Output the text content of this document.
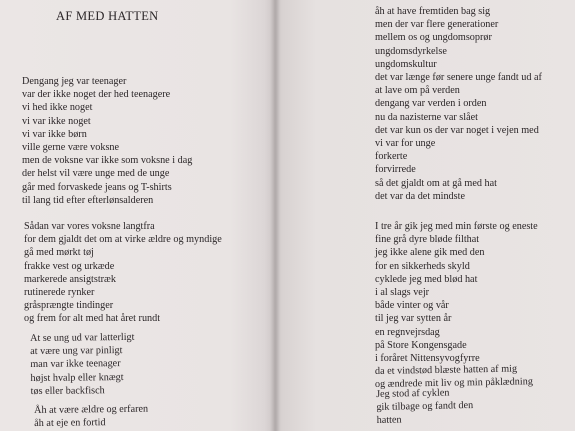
AF MED HATTEN
Dengang jeg var teenager
var der ikke noget der hed teenagere
vi hed ikke noget
vi var ikke noget
vi var ikke børn
ville gerne være voksne
men de voksne var ikke som voksne i dag
der helst vil være unge med de unge
går med forvaskede jeans og T-shirts
til lang tid efter efterlønsalderen
Sådan var vores voksne langtfra
for dem gjaldt det om at virke ældre og myndige
gå med mørkt tøj
frakke vest og urkæde
markerede ansigtstræk
rutinerede rynker
gråsprængte tindinger
og frem for alt med hat året rundt
At se ung ud var latterligt
at være ung var pinligt
man var ikke teenager
højst hvalp eller knægt
tøs eller backfisch
Åh at være ældre og erfaren
åh at eje en fortid
åh at have fremtiden bag sig
men der var flere generationer
mellem os og ungdomsoprør
ungdomsdyrkelse
ungdomskultur
det var længe før senere unge fandt ud af
at lave om på verden
dengang var verden i orden
nu da nazisterne var slået
det var kun os der var noget i vejen med
vi var for unge
forkerte
forvirrede
så det gjaldt om at gå med hat
det var da det mindste
I tre år gik jeg med min første og eneste
fine grå dyre bløde filthat
jeg ikke alene gik med den
for en sikkerheds skyld
cyklede jeg med blød hat
i al slags vejr
både vinter og vår
til jeg var sytten år
en regnvejrsdag
på Store Kongensgade
i foråret Nittensyvogfyrre
da et vindstød blæste hatten af mig
og ændrede mit liv og min påklædning
Jeg stod af cyklen
gik tilbage og fandt den
hatten
